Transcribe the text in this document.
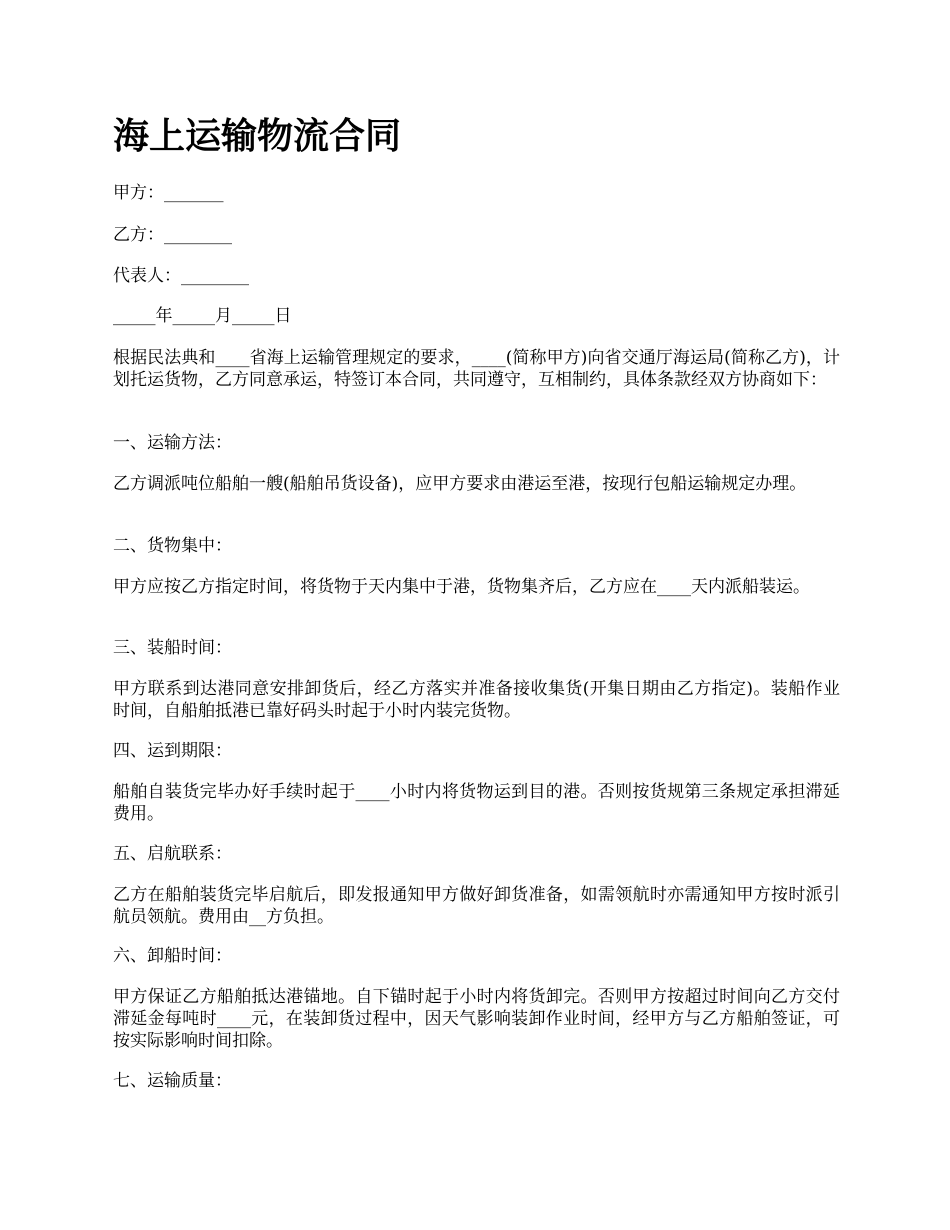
海上运输物流合同

甲方：_______

乙方：________

代表人：________

_____年_____月_____日

根据民法典和____省海上运输管理规定的要求，____(简称甲方)向省交通厅海运局(简称乙方)，计划托运货物，乙方同意承运，特签订本合同，共同遵守，互相制约，具体条款经双方协商如下：

一、运输方法：

乙方调派吨位船舶一艘(船舶吊货设备)，应甲方要求由港运至港，按现行包船运输规定办理。

二、货物集中：

甲方应按乙方指定时间，将货物于天内集中于港，货物集齐后，乙方应在____天内派船装运。

三、装船时间：

甲方联系到达港同意安排卸货后，经乙方落实并准备接收集货(开集日期由乙方指定)。装船作业时间，自船舶抵港已靠好码头时起于小时内装完货物。

四、运到期限：

船舶自装货完毕办好手续时起于____小时内将货物运到目的港。否则按货规第三条规定承担滞延费用。

五、启航联系：

乙方在船舶装货完毕启航后，即发报通知甲方做好卸货准备，如需领航时亦需通知甲方按时派引航员领航。费用由__方负担。

六、卸船时间：

甲方保证乙方船舶抵达港锚地。自下锚时起于小时内将货卸完。否则甲方按超过时间向乙方交付滞延金每吨时____元，在装卸货过程中，因天气影响装卸作业时间，经甲方与乙方船舶签证，可按实际影响时间扣除。

七、运输质量：
